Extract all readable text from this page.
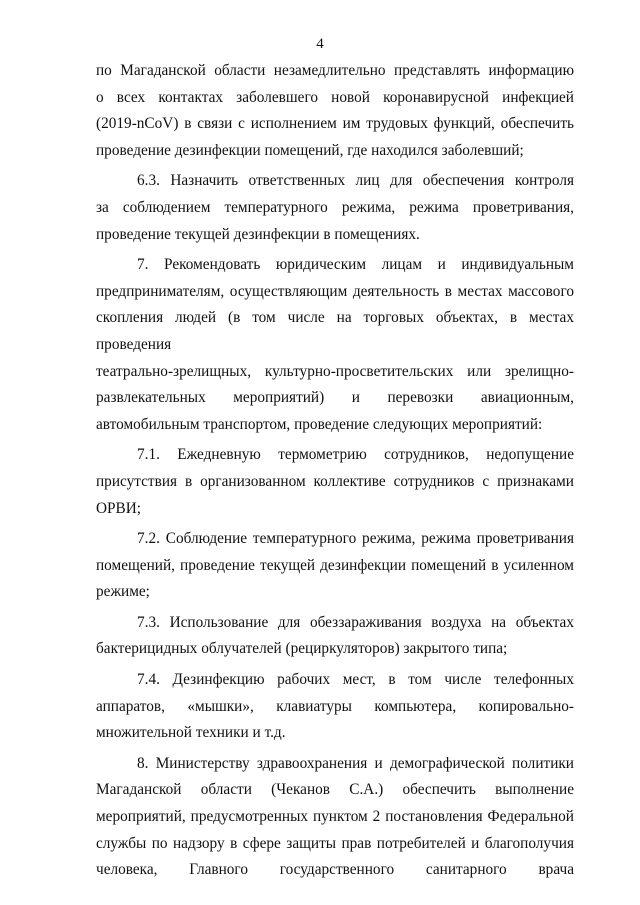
4
по Магаданской области незамедлительно представлять информацию
о всех контактах заболевшего новой коронавирусной инфекцией
(2019-nCoV) в связи с исполнением им трудовых функций, обеспечить
проведение дезинфекции помещений, где находился заболевший;
6.3. Назначить ответственных лиц для обеспечения контроля
за соблюдением температурного режима, режима проветривания,
проведение текущей дезинфекции в помещениях.
7. Рекомендовать юридическим лицам и индивидуальным
предпринимателям, осуществляющим деятельность в местах массового
скопления людей (в том числе на торговых объектах, в местах проведения
театрально-зрелищных, культурно-просветительских или зрелищно-
развлекательных мероприятий) и перевозки авиационным,
автомобильным транспортом, проведение следующих мероприятий:
7.1. Ежедневную термометрию сотрудников, недопущение
присутствия в организованном коллективе сотрудников с признаками
ОРВИ;
7.2. Соблюдение температурного режима, режима проветривания
помещений, проведение текущей дезинфекции помещений в усиленном
режиме;
7.3. Использование для обеззараживания воздуха на объектах
бактерицидных облучателей (рециркуляторов) закрытого типа;
7.4. Дезинфекцию рабочих мест, в том числе телефонных
аппаратов, «мышки», клавиатуры компьютера, копировально-
множительной техники и т.д.
8. Министерству здравоохранения и демографической политики
Магаданской области (Чеканов С.А.) обеспечить выполнение
мероприятий, предусмотренных пунктом 2 постановления Федеральной
службы по надзору в сфере защиты прав потребителей и благополучия
человека, Главного государственного санитарного врача
